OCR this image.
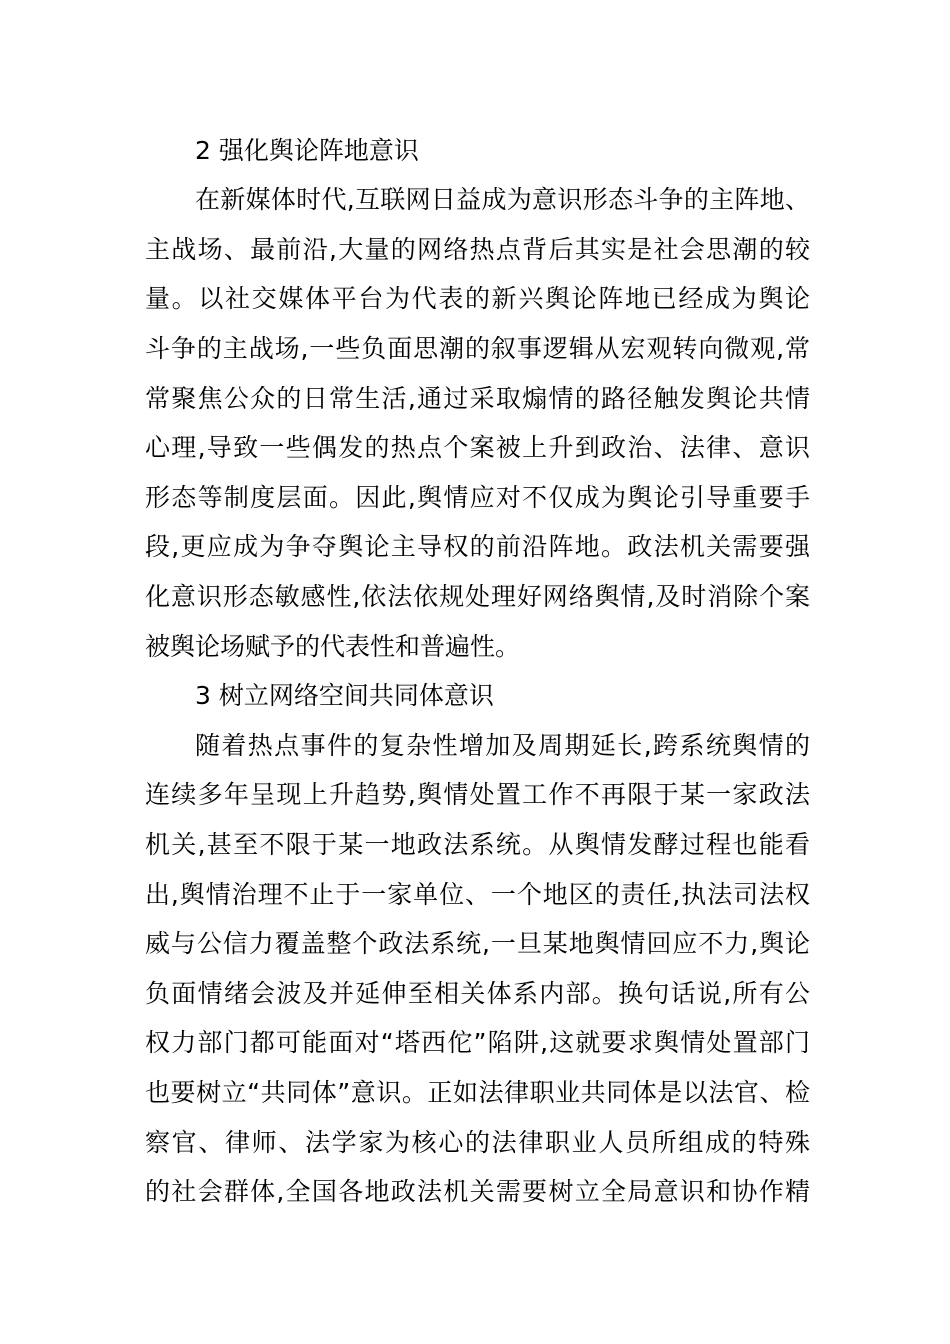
2 强化舆论阵地意识
在新媒体时代,互联网日益成为意识形态斗争的主阵地、
主战场、最前沿,大量的网络热点背后其实是社会思潮的较
量。以社交媒体平台为代表的新兴舆论阵地已经成为舆论
斗争的主战场,一些负面思潮的叙事逻辑从宏观转向微观,常
常聚焦公众的日常生活,通过采取煽情的路径触发舆论共情
心理,导致一些偶发的热点个案被上升到政治、法律、意识
形态等制度层面。因此,舆情应对不仅成为舆论引导重要手
段,更应成为争夺舆论主导权的前沿阵地。政法机关需要强
化意识形态敏感性,依法依规处理好网络舆情,及时消除个案
被舆论场赋予的代表性和普遍性。
3 树立网络空间共同体意识
随着热点事件的复杂性增加及周期延长,跨系统舆情的
连续多年呈现上升趋势,舆情处置工作不再限于某一家政法
机关,甚至不限于某一地政法系统。从舆情发酵过程也能看
出,舆情治理不止于一家单位、一个地区的责任,执法司法权
威与公信力覆盖整个政法系统,一旦某地舆情回应不力,舆论
负面情绪会波及并延伸至相关体系内部。换句话说,所有公
权力部门都可能面对“塔西佗”陷阱,这就要求舆情处置部门
也要树立“共同体”意识。正如法律职业共同体是以法官、检
察官、律师、法学家为核心的法律职业人员所组成的特殊
的社会群体,全国各地政法机关需要树立全局意识和协作精
